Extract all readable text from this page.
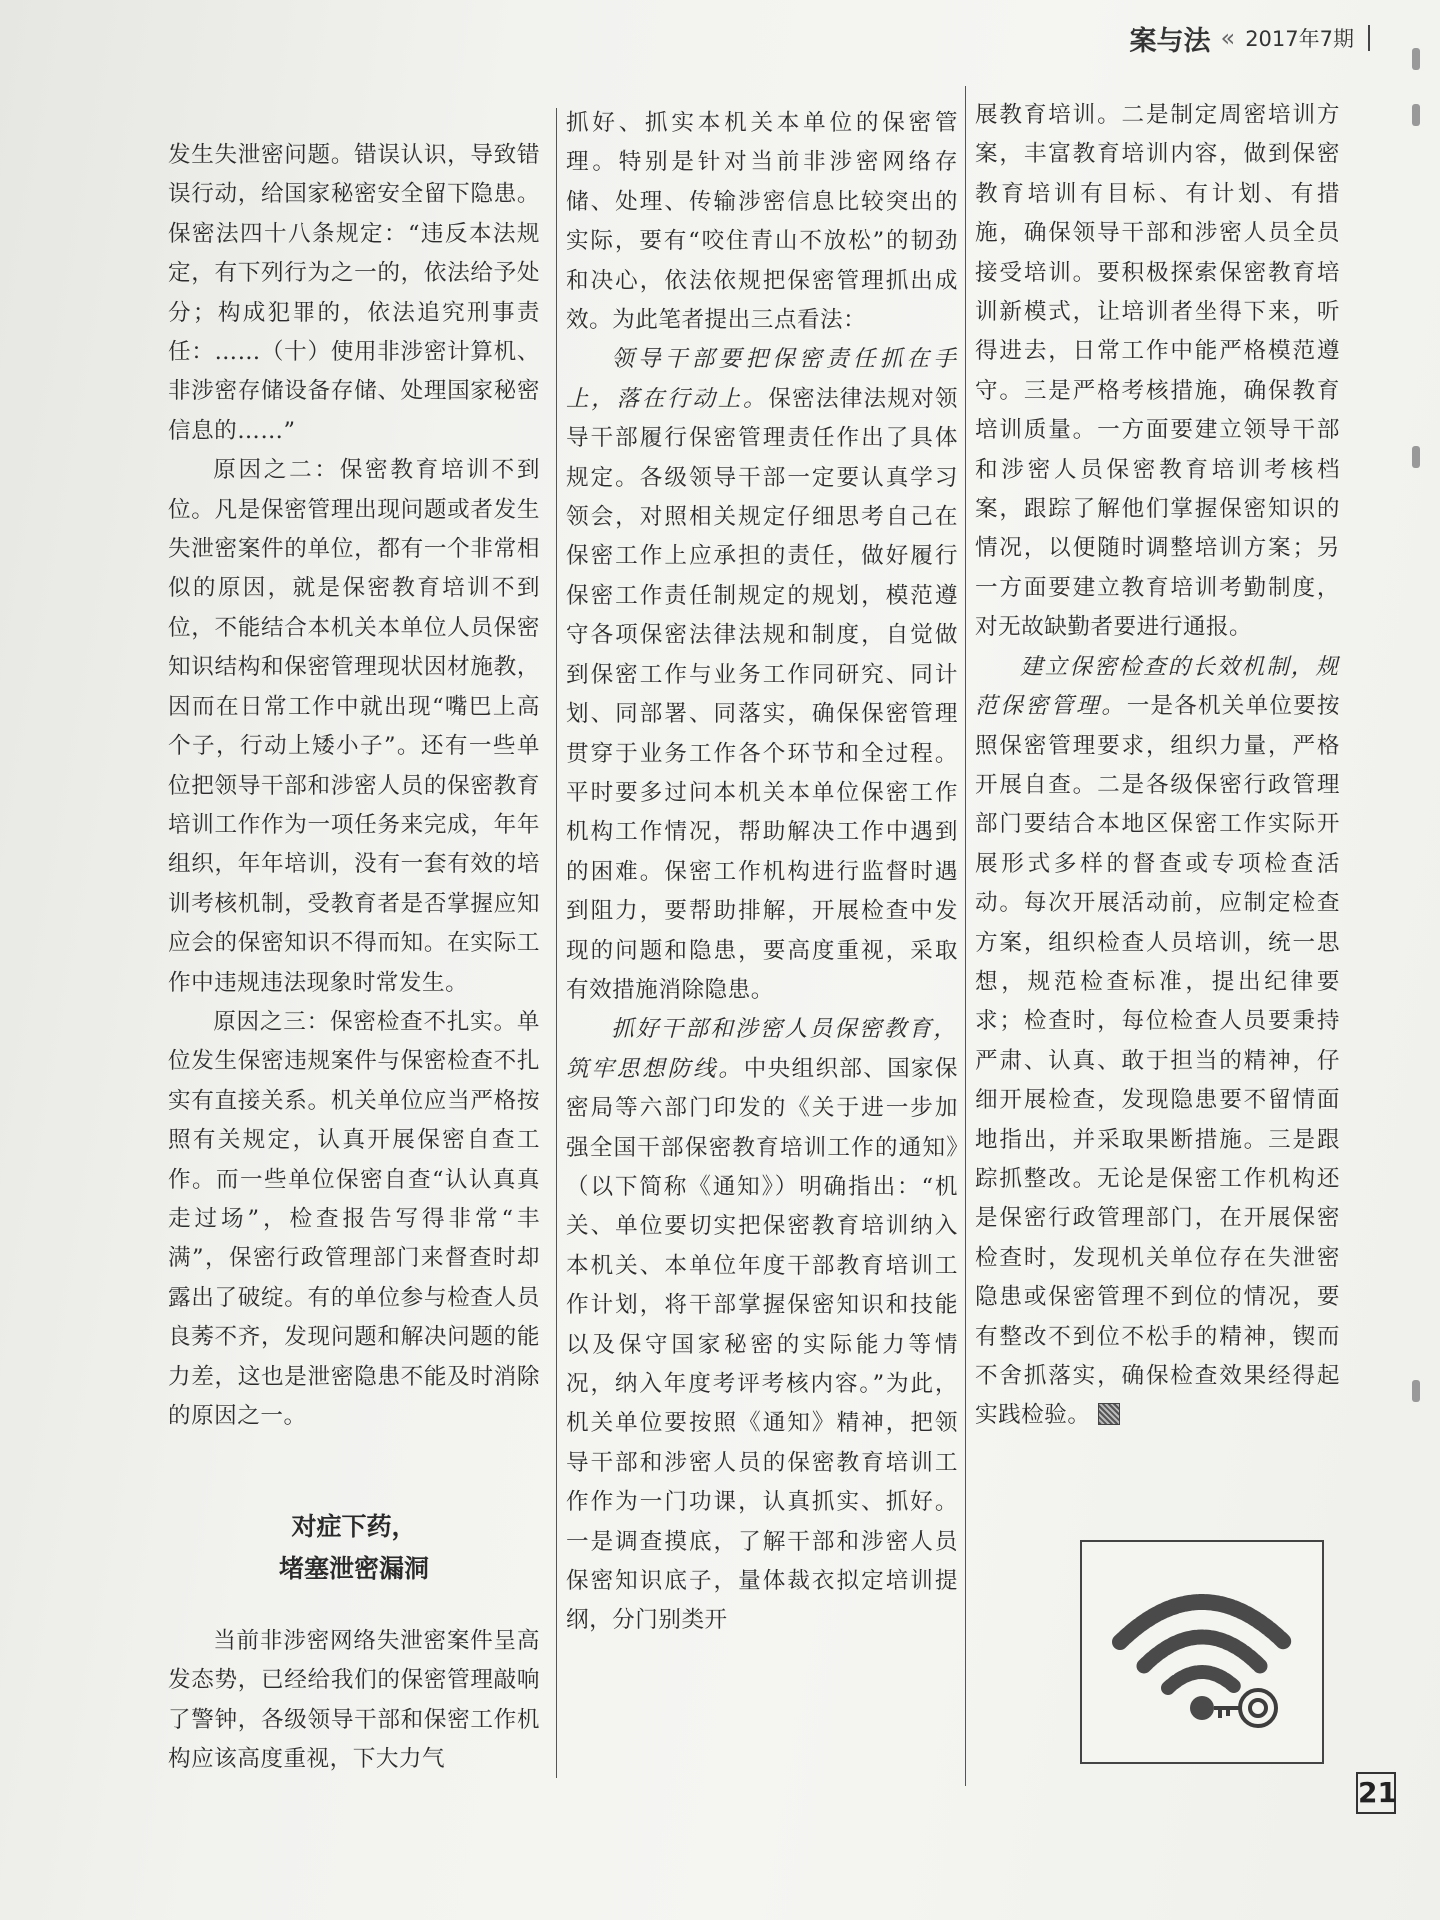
案与法 « 2017年7期

发生失泄密问题。错误认识，导致错误行动，给国家秘密安全留下隐患。保密法四十八条规定：“违反本法规定，有下列行为之一的，依法给予处分；构成犯罪的，依法追究刑事责任：……（十）使用非涉密计算机、非涉密存储设备存储、处理国家秘密信息的……”

原因之二：保密教育培训不到位。凡是保密管理出现问题或者发生失泄密案件的单位，都有一个非常相似的原因，就是保密教育培训不到位，不能结合本机关本单位人员保密知识结构和保密管理现状因材施教，因而在日常工作中就出现“嘴巴上高个子，行动上矮小子”。还有一些单位把领导干部和涉密人员的保密教育培训工作作为一项任务来完成，年年组织，年年培训，没有一套有效的培训考核机制，受教育者是否掌握应知应会的保密知识不得而知。在实际工作中违规违法现象时常发生。

原因之三：保密检查不扎实。单位发生保密违规案件与保密检查不扎实有直接关系。机关单位应当严格按照有关规定，认真开展保密自查工作。而一些单位保密自查“认认真真走过场”，检查报告写得非常“丰满”，保密行政管理部门来督查时却露出了破绽。有的单位参与检查人员良莠不齐，发现问题和解决问题的能力差，这也是泄密隐患不能及时消除的原因之一。

对症下药，
堵塞泄密漏洞

当前非涉密网络失泄密案件呈高发态势，已经给我们的保密管理敲响了警钟，各级领导干部和保密工作机构应该高度重视，下大力气

抓好、抓实本机关本单位的保密管理。特别是针对当前非涉密网络存储、处理、传输涉密信息比较突出的实际，要有“咬住青山不放松”的韧劲和决心，依法依规把保密管理抓出成效。为此笔者提出三点看法：

领导干部要把保密责任抓在手上，落在行动上。保密法律法规对领导干部履行保密管理责任作出了具体规定。各级领导干部一定要认真学习领会，对照相关规定仔细思考自己在保密工作上应承担的责任，做好履行保密工作责任制规定的规划，模范遵守各项保密法律法规和制度，自觉做到保密工作与业务工作同研究、同计划、同部署、同落实，确保保密管理贯穿于业务工作各个环节和全过程。平时要多过问本机关本单位保密工作机构工作情况，帮助解决工作中遇到的困难。保密工作机构进行监督时遇到阻力，要帮助排解，开展检查中发现的问题和隐患，要高度重视，采取有效措施消除隐患。

抓好干部和涉密人员保密教育，筑牢思想防线。中央组织部、国家保密局等六部门印发的《关于进一步加强全国干部保密教育培训工作的通知》（以下简称《通知》）明确指出：“机关、单位要切实把保密教育培训纳入本机关、本单位年度干部教育培训工作计划，将干部掌握保密知识和技能以及保守国家秘密的实际能力等情况，纳入年度考评考核内容。”为此，机关单位要按照《通知》精神，把领导干部和涉密人员的保密教育培训工作作为一门功课，认真抓实、抓好。一是调查摸底，了解干部和涉密人员保密知识底子，量体裁衣拟定培训提纲，分门别类开

展教育培训。二是制定周密培训方案，丰富教育培训内容，做到保密教育培训有目标、有计划、有措施，确保领导干部和涉密人员全员接受培训。要积极探索保密教育培训新模式，让培训者坐得下来，听得进去，日常工作中能严格模范遵守。三是严格考核措施，确保教育培训质量。一方面要建立领导干部和涉密人员保密教育培训考核档案，跟踪了解他们掌握保密知识的情况，以便随时调整培训方案；另一方面要建立教育培训考勤制度，对无故缺勤者要进行通报。

建立保密检查的长效机制，规范保密管理。一是各机关单位要按照保密管理要求，组织力量，严格开展自查。二是各级保密行政管理部门要结合本地区保密工作实际开展形式多样的督查或专项检查活动。每次开展活动前，应制定检查方案，组织检查人员培训，统一思想，规范检查标准，提出纪律要求；检查时，每位检查人员要秉持严肃、认真、敢于担当的精神，仔细开展检查，发现隐患要不留情面地指出，并采取果断措施。三是跟踪抓整改。无论是保密工作机构还是保密行政管理部门，在开展保密检查时，发现机关单位存在失泄密隐患或保密管理不到位的情况，要有整改不到位不松手的精神，锲而不舍抓落实，确保检查效果经得起实践检验。

21
